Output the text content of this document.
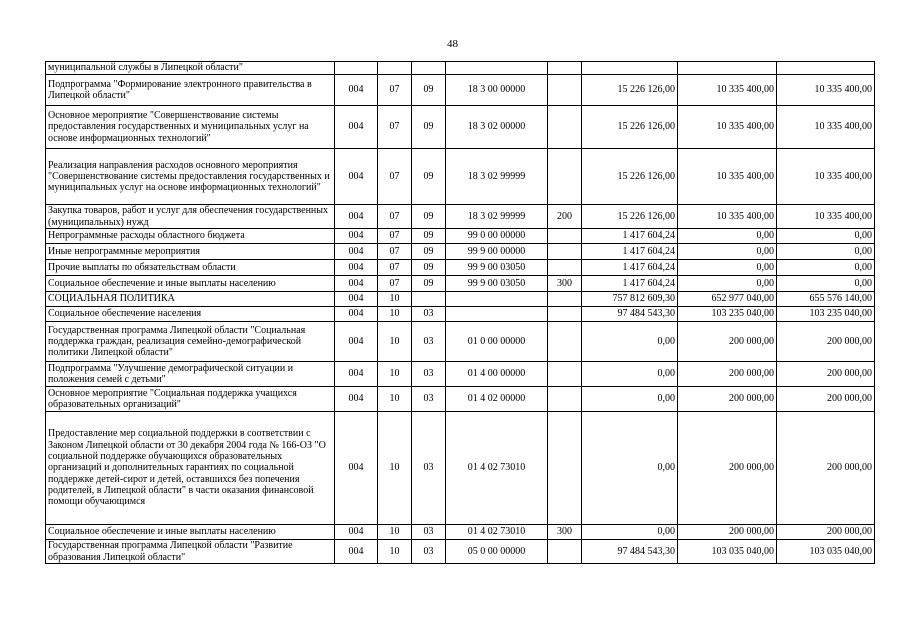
48
муниципальной службы в Липецкой области"								
Подпрограмма "Формирование электронного правительства в Липецкой области"	004	07	09	18 3 00 00000		15 226 126,00	10 335 400,00	10 335 400,00
Основное мероприятие "Совершенствование системы предоставления государственных и муниципальных услуг на основе информационных технологий"	004	07	09	18 3 02 00000		15 226 126,00	10 335 400,00	10 335 400,00
Реализация направления расходов основного мероприятия "Совершенствование системы предоставления государственных и муниципальных услуг на основе информационных технологий"	004	07	09	18 3 02 99999		15 226 126,00	10 335 400,00	10 335 400,00
Закупка товаров, работ и услуг для обеспечения государственных (муниципальных) нужд	004	07	09	18 3 02 99999	200	15 226 126,00	10 335 400,00	10 335 400,00
Непрограммные расходы областного бюджета	004	07	09	99 0 00 00000		1 417 604,24	0,00	0,00
Иные непрограммные мероприятия	004	07	09	99 9 00 00000		1 417 604,24	0,00	0,00
Прочие выплаты по обязательствам области	004	07	09	99 9 00 03050		1 417 604,24	0,00	0,00
Социальное обеспечение и иные выплаты населению	004	07	09	99 9 00 03050	300	1 417 604,24	0,00	0,00
СОЦИАЛЬНАЯ ПОЛИТИКА	004	10				757 812 609,30	652 977 040,00	655 576 140,00
Социальное обеспечение населения	004	10	03			97 484 543,30	103 235 040,00	103 235 040,00
Государственная программа Липецкой области "Социальная поддержка граждан, реализация семейно-демографической политики Липецкой области"	004	10	03	01 0 00 00000		0,00	200 000,00	200 000,00
Подпрограмма "Улучшение демографической ситуации и положения семей с детьми"	004	10	03	01 4 00 00000		0,00	200 000,00	200 000,00
Основное мероприятие "Социальная поддержка учащихся образовательных организаций"	004	10	03	01 4 02 00000		0,00	200 000,00	200 000,00
Предоставление мер социальной поддержки в соответствии с Законом Липецкой области от 30 декабря 2004 года № 166-ОЗ "О социальной поддержке обучающихся образовательных организаций и дополнительных гарантиях по социальной поддержке детей-сирот и детей, оставшихся без попечения родителей, в Липецкой области" в части оказания финансовой помощи обучающимся	004	10	03	01 4 02 73010		0,00	200 000,00	200 000,00
Социальное обеспечение и иные выплаты населению	004	10	03	01 4 02 73010	300	0,00	200 000,00	200 000,00
Государственная программа Липецкой области "Развитие образования Липецкой области"	004	10	03	05 0 00 00000		97 484 543,30	103 035 040,00	103 035 040,00
